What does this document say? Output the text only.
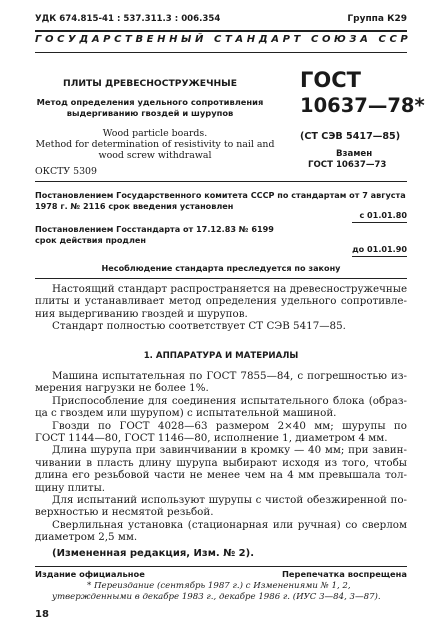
УДК 674.815-41 : 537.311.3 : 006.354	Группа К29
ГОСУДАРСТВЕННЫЙ СТАНДАРТ СОЮЗА ССР
ПЛИТЫ ДРЕВЕСНОСТРУЖЕЧНЫЕ
Метод определения удельного сопротивления
выдергиванию гвоздей и шурупов
Wood particle boards.
Method for determination of resistivity to nail and
wood screw withdrawal
ОКСТУ 5309
ГОСТ
10637—78*
(СТ СЭВ 5417—85)
Взамен
ГОСТ 10637—73
Постановлением Государственного комитета СССР по стандартам от 7 августа
1978 г. № 2116 срок введения установлен
с 01.01.80
Постановлением Госстандарта от 17.12.83 № 6199
срок действия продлен
до 01.01.90
Несоблюдение стандарта преследуется по закону
Настоящий стандарт распространяется на древесностружечные
плиты и устанавливает метод определения удельного сопротивле-
ния выдергиванию гвоздей и шурупов.
Стандарт полностью соответствует СТ СЭВ 5417—85.
1. АППАРАТУРА И МАТЕРИАЛЫ
Машина испытательная по ГОСТ 7855—84, с погрешностью из-
мерения нагрузки не более 1%.
Приспособление для соединения испытательного блока (образ-
ца с гвоздем или шурупом) с испытательной машиной.
Гвозди по ГОСТ 4028—63 размером 2×40 мм; шурупы по
ГОСТ 1144—80, ГОСТ 1146—80, исполнение 1, диаметром 4 мм.
Длина шурупа при завинчивании в кромку — 40 мм; при завин-
чивании в пласть длину шурупа выбирают исходя из того, чтобы
длина его резьбовой части не менее чем на 4 мм превышала тол-
щину плиты.
Для испытаний используют шурупы с чистой обезжиренной по-
верхностью и несмятой резьбой.
Сверлильная установка (стационарная или ручная) со сверлом
диаметром 2,5 мм.
(Измененная редакция, Изм. № 2).
Издание официальное	Перепечатка воспрещена
* Переиздание (сентябрь 1987 г.) с Изменениями № 1, 2,
утвержденными в декабре 1983 г., декабре 1986 г. (ИУС 3—84, 3—87).
18
